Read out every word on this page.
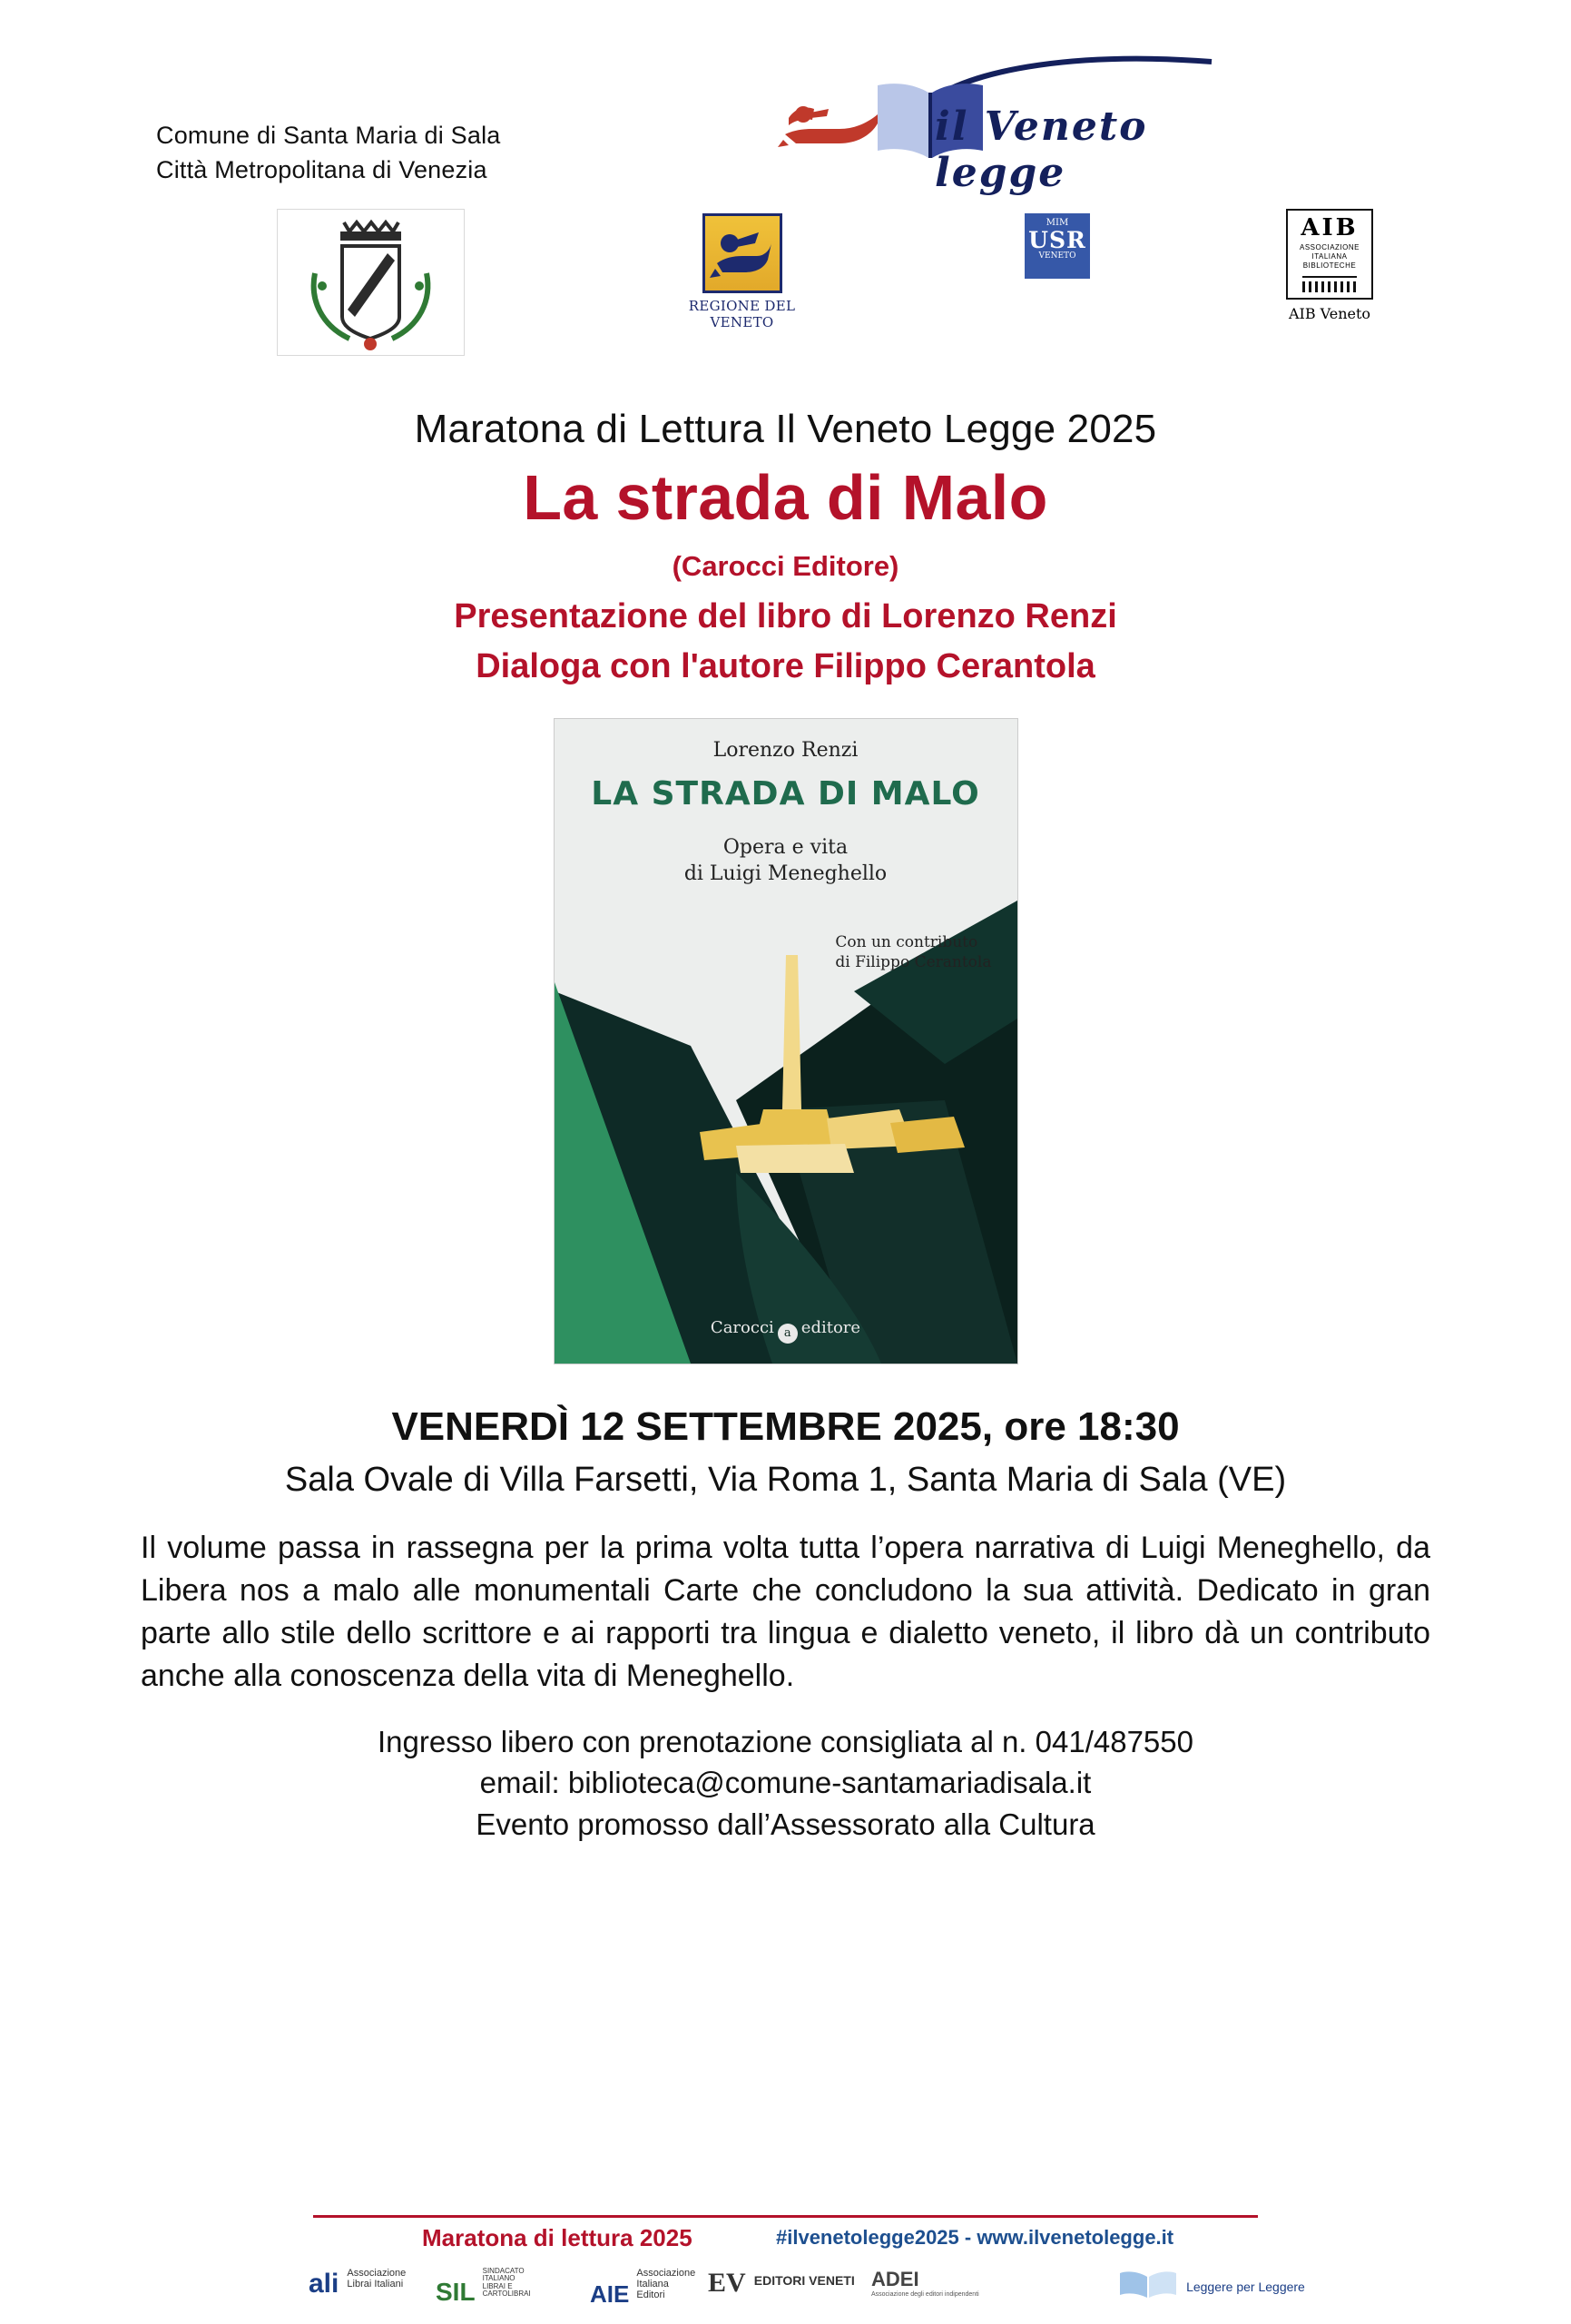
Comune di Santa Maria di Sala
Città Metropolitana di Venezia
il Veneto legge
REGIONE DEL VENETO
MIM
USR
VENETO
AIB
ASSOCIAZIONE
ITALIANA
BIBLIOTECHE
AIB Veneto
Maratona di Lettura Il Veneto Legge 2025
La strada di Malo
(Carocci Editore)
Presentazione del libro di Lorenzo Renzi
Dialoga con l'autore Filippo Cerantola
Lorenzo Renzi
LA STRADA DI MALO
Opera e vita
di Luigi Meneghello
Con un contributo
di Filippo Cerantola
Carocci a editore
VENERDÌ 12 SETTEMBRE 2025, ore 18:30
Sala Ovale di Villa Farsetti, Via Roma 1, Santa Maria di Sala (VE)
Il volume passa in rassegna per la prima volta tutta l’opera narrativa di Luigi Meneghello, da Libera nos a malo alle monumentali Carte che concludono la sua attività. Dedicato in gran parte allo stile dello scrittore e ai rapporti tra lingua e dialetto veneto, il libro dà un contributo anche alla conoscenza della vita di Meneghello.
Ingresso libero con prenotazione consigliata al n. 041/487550
email: biblioteca@comune-santamariadisala.it
Evento promosso dall’Assessorato alla Cultura
Maratona di lettura 2025	#ilvenetolegge2025 - www.ilvenetolegge.it
ali Associazione
Librai Italiani SIL SINDACATO
ITALIANO
LIBRAI E
CARTOLIBRAI	AIE Associazione
Italiana
Editori	EV EDITORI VENETI ADEI
Associazione degli editori indipendenti
Leggere per Leggere
